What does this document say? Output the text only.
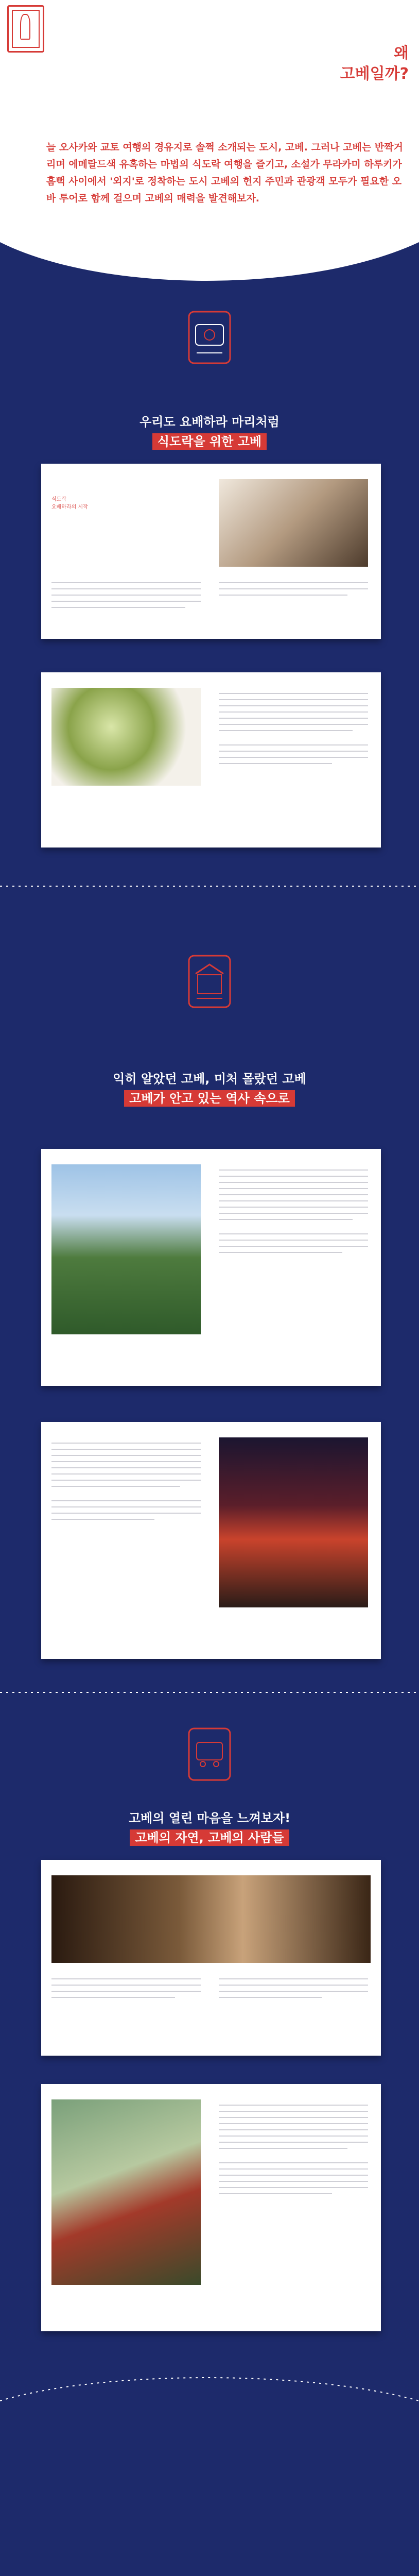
왜
고베일까?
늘 오사카와 교토 여행의 경유지로 솔쩍 소개되는 도시, 고베. 그러나 고베는 반짝거리며 에메랄드색 유혹하는 마법의 식도락 여행을 즐기고, 소설가 무라카미 하루키가 흠뻑 사이에서 '외지'로 정착하는 도시 고베의 헌지 주민과 관광객 모두가 필요한 오바 투어로 함께 걸으며 고베의 매력을 발견해보자.
우리도 요배하라 마리처럼
식도락을 위한 고베
식도락
요배하라의 시작
익히 알았던 고베, 미처 몰랐던 고베
고베가 안고 있는 역사 속으로
고베의 열린 마음을 느껴보자!
고베의 자연, 고베의 사람들
